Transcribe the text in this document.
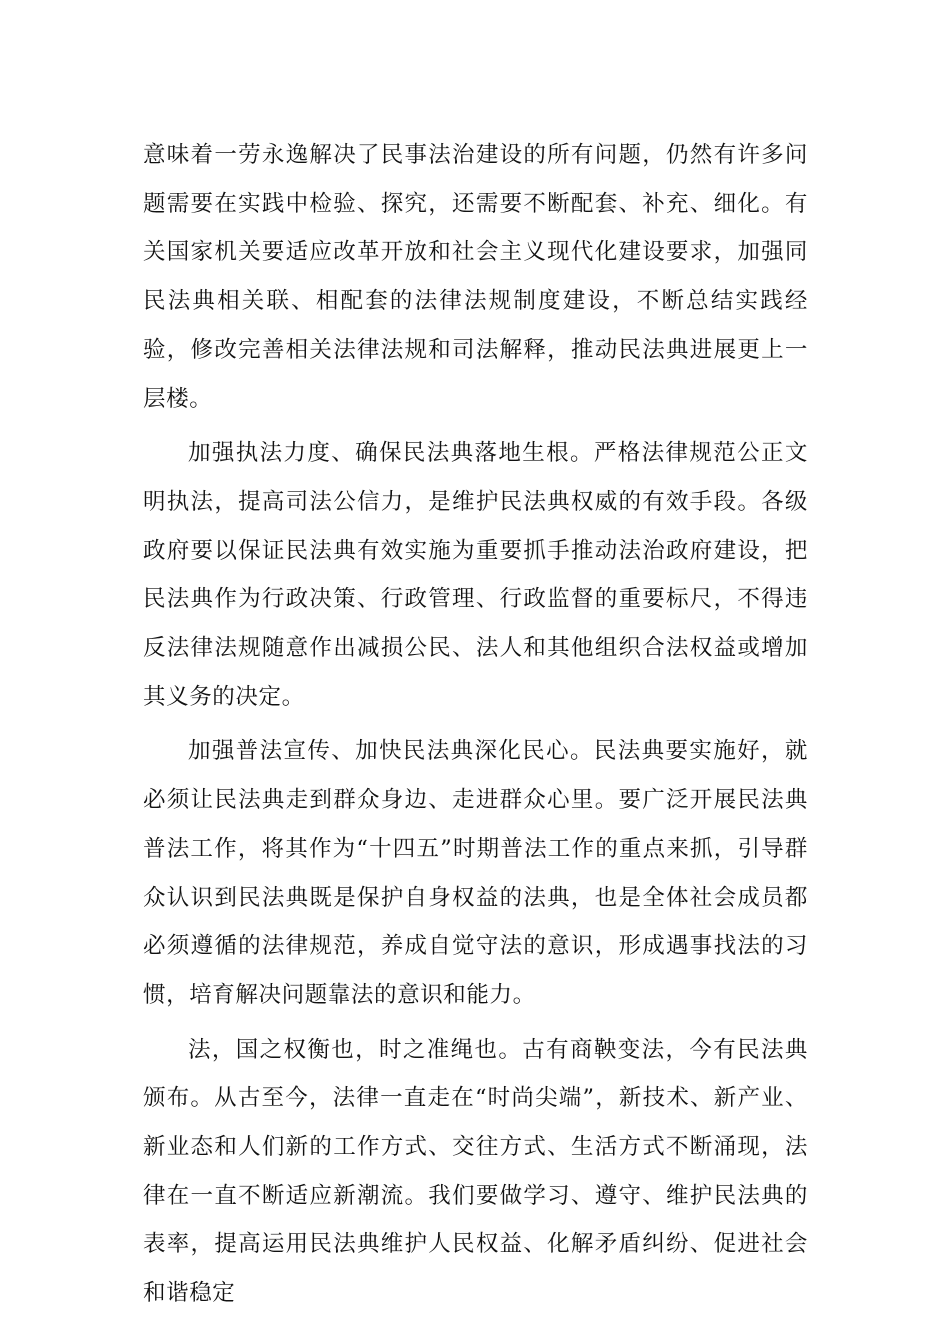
意味着一劳永逸解决了民事法治建设的所有问题，仍然有许多问题需要在实践中检验、探究，还需要不断配套、补充、细化。有关国家机关要适应改革开放和社会主义现代化建设要求，加强同民法典相关联、相配套的法律法规制度建设，不断总结实践经验，修改完善相关法律法规和司法解释，推动民法典进展更上一层楼。

加强执法力度、确保民法典落地生根。严格法律规范公正文明执法，提高司法公信力，是维护民法典权威的有效手段。各级政府要以保证民法典有效实施为重要抓手推动法治政府建设，把民法典作为行政决策、行政管理、行政监督的重要标尺，不得违反法律法规随意作出减损公民、法人和其他组织合法权益或增加其义务的决定。

加强普法宣传、加快民法典深化民心。民法典要实施好，就必须让民法典走到群众身边、走进群众心里。要广泛开展民法典普法工作，将其作为“十四五”时期普法工作的重点来抓，引导群众认识到民法典既是保护自身权益的法典，也是全体社会成员都必须遵循的法律规范，养成自觉守法的意识，形成遇事找法的习惯，培育解决问题靠法的意识和能力。

法，国之权衡也，时之准绳也。古有商鞅变法，今有民法典颁布。从古至今，法律一直走在“时尚尖端”，新技术、新产业、新业态和人们新的工作方式、交往方式、生活方式不断涌现，法律在一直不断适应新潮流。我们要做学习、遵守、维护民法典的表率，提高运用民法典维护人民权益、化解矛盾纠纷、促进社会和谐稳定
